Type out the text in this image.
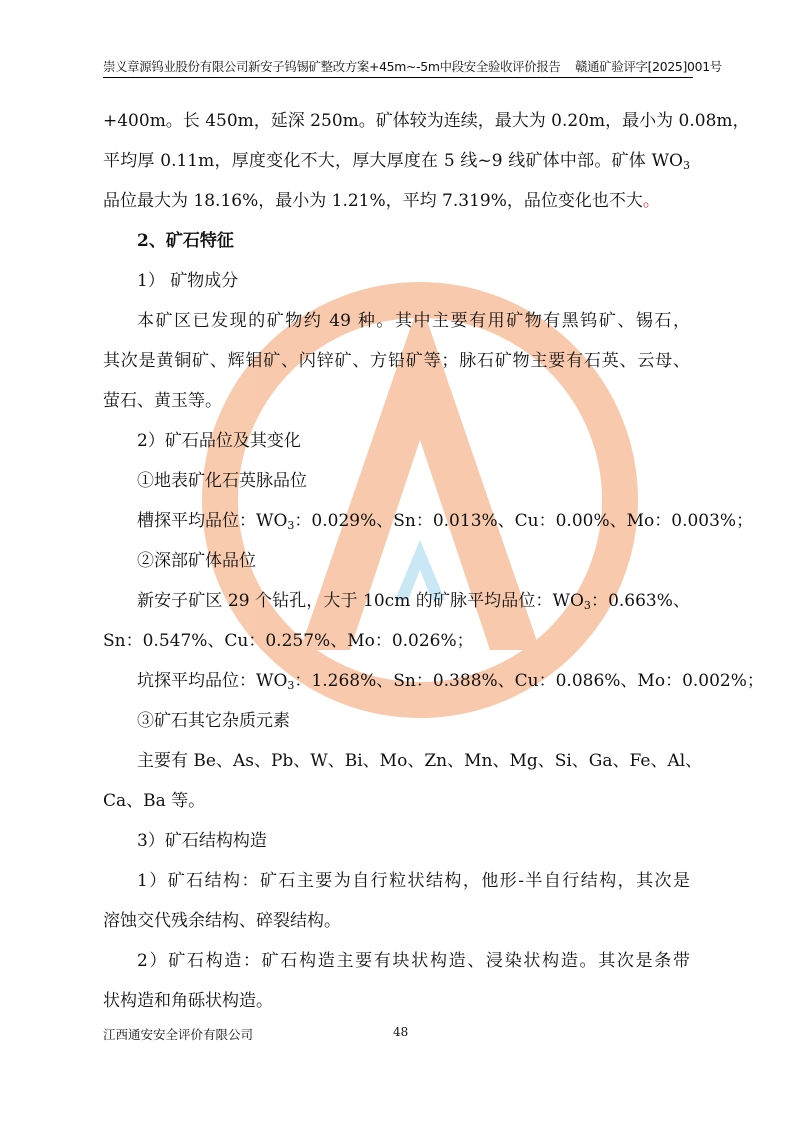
崇义章源钨业股份有限公司新安子钨锡矿整改方案+45m~-5m中段安全验收评价报告 赣通矿验评字[2025]001号
+400m。长 450m，延深 250m。矿体较为连续，最大为 0.20m，最小为 0.08m，
平均厚 0.11m，厚度变化不大，厚大厚度在 5 线~9 线矿体中部。矿体 $WO_3$
品位最大为 18.16%，最小为 1.21%，平均 7.319%，品位变化也不大。
2、矿石特征
1） 矿物成分
本矿区已发现的矿物约 49 种。其中主要有用矿物有黑钨矿、锡石，
其次是黄铜矿、辉钼矿、闪锌矿、方铅矿等；脉石矿物主要有石英、云母、
萤石、黄玉等。
2）矿石品位及其变化
①地表矿化石英脉品位
槽探平均品位：$WO_3$：0.029%、Sn：0.013%、Cu：0.00%、Mo：0.003%；
②深部矿体品位
新安子矿区 29 个钻孔，大于 10cm 的矿脉平均品位：$WO_3$：0.663%、
Sn：0.547%、Cu：0.257%、Mo：0.026%；
坑探平均品位：$WO_3$：1.268%、Sn：0.388%、Cu：0.086%、Mo：0.002%；
③矿石其它杂质元素
主要有 Be、As、Pb、W、Bi、Mo、Zn、Mn、Mg、Si、Ga、Fe、Al、
Ca、Ba 等。
3）矿石结构构造
1）矿石结构：矿石主要为自行粒状结构，他形-半自行结构，其次是
溶蚀交代残余结构、碎裂结构。
2）矿石构造：矿石构造主要有块状构造、浸染状构造。其次是条带
状构造和角砾状构造。
江西通安安全评价有限公司	48
